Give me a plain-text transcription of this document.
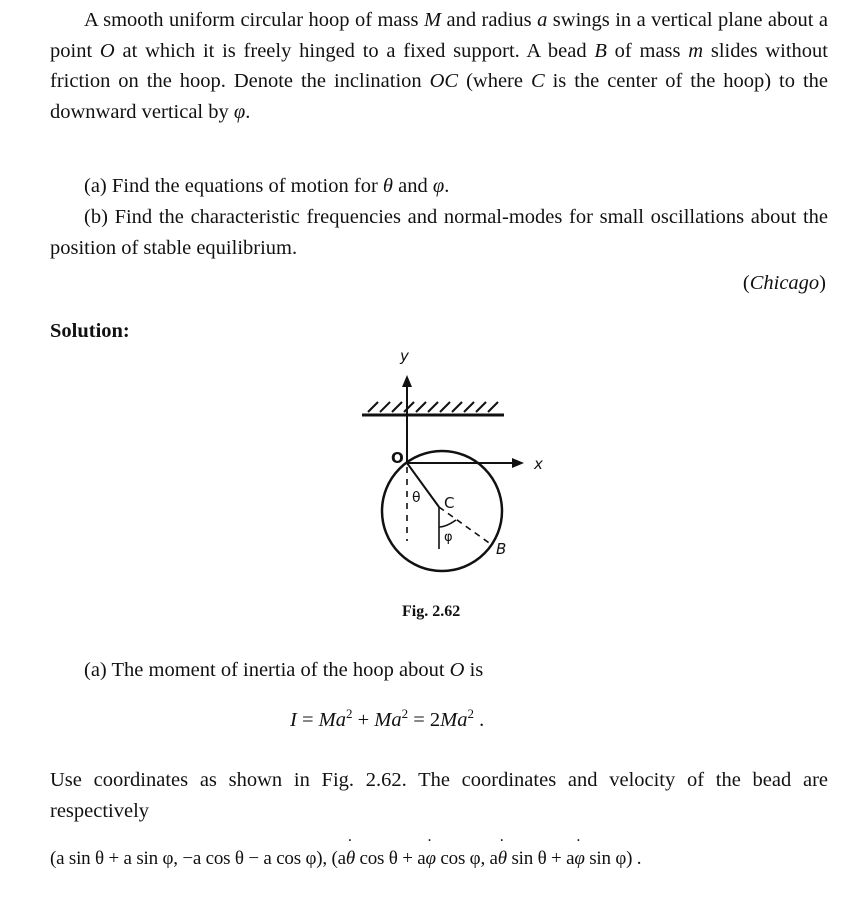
A smooth uniform circular hoop of mass M and radius a swings in a vertical plane about a point O at which it is freely hinged to a fixed support. A bead B of mass m slides without friction on the hoop. Denote the inclination OC (where C is the center of the hoop) to the downward vertical by φ.

(a) Find the equations of motion for θ and φ.

(b) Find the characteristic frequencies and normal-modes for small oscillations about the position of stable equilibrium.

(Chicago)
Solution:
y
x
O
C
B
θ
φ
Fig. 2.62
(a) The moment of inertia of the hoop about O is
$I = Ma^2 + Ma^2 = 2Ma^2$ .

Use coordinates as shown in Fig. 2.62. The coordinates and velocity of the bead are respectively

(a sin θ + a sin φ, −a cos θ − a cos φ), (aθ ˙ cos θ + aφ ˙ cos φ, aθ ˙ sin θ + aφ ˙ sin φ) .
